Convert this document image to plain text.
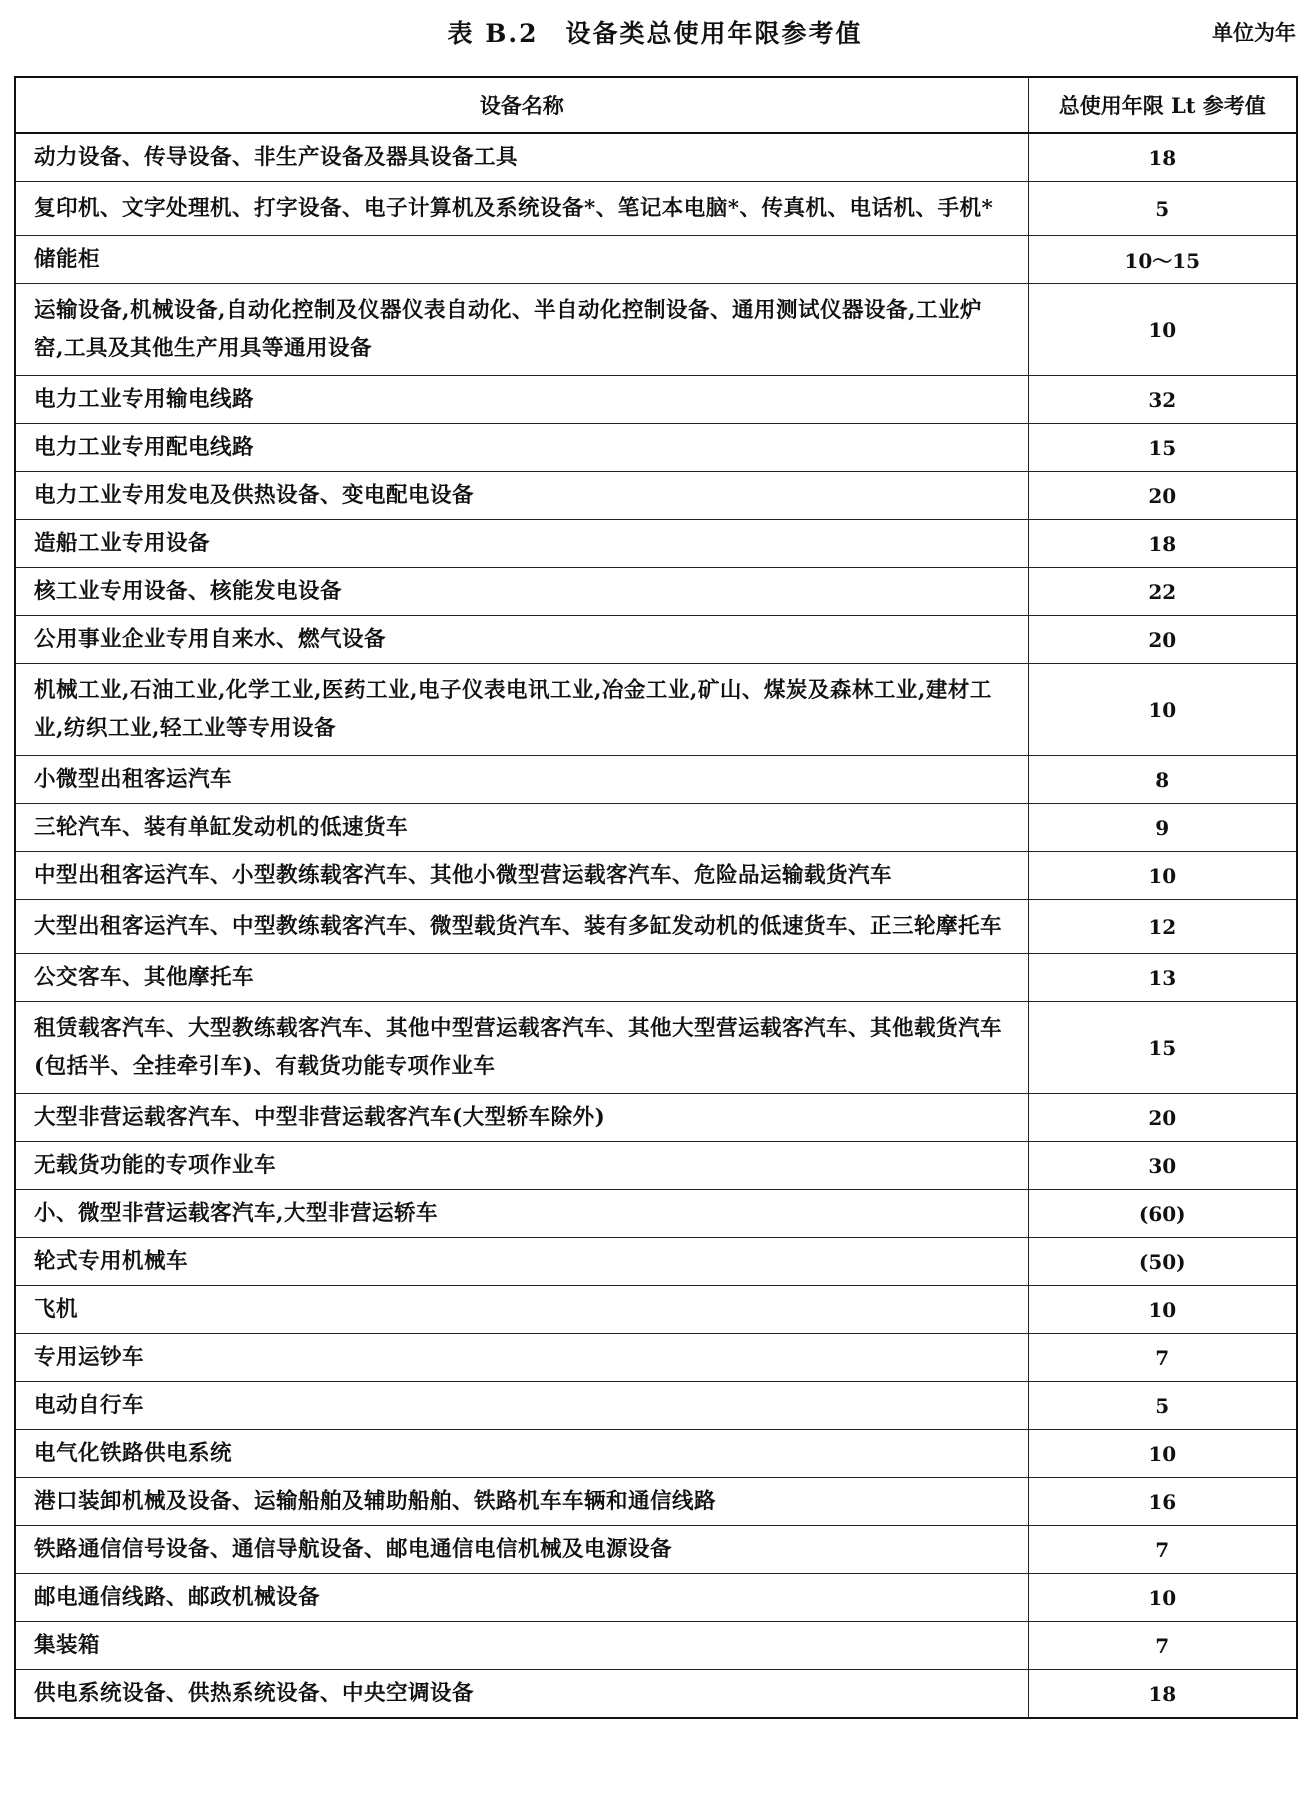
表 B.2　设备类总使用年限参考值	单位为年
设备名称	总使用年限 Lt 参考值
动力设备、传导设备、非生产设备及器具设备工具	18
复印机、文字处理机、打字设备、电子计算机及系统设备*、笔记本电脑*、传真机、电话机、手机*	5
储能柜	10～15
运输设备,机械设备,自动化控制及仪器仪表自动化、半自动化控制设备、通用测试仪器设备,工业炉窑,工具及其他生产用具等通用设备	10
电力工业专用输电线路	32
电力工业专用配电线路	15
电力工业专用发电及供热设备、变电配电设备	20
造船工业专用设备	18
核工业专用设备、核能发电设备	22
公用事业企业专用自来水、燃气设备	20
机械工业,石油工业,化学工业,医药工业,电子仪表电讯工业,冶金工业,矿山、煤炭及森林工业,建材工业,纺织工业,轻工业等专用设备	10
小微型出租客运汽车	8
三轮汽车、装有单缸发动机的低速货车	9
中型出租客运汽车、小型教练载客汽车、其他小微型营运载客汽车、危险品运输载货汽车	10
大型出租客运汽车、中型教练载客汽车、微型载货汽车、装有多缸发动机的低速货车、正三轮摩托车	12
公交客车、其他摩托车	13
租赁载客汽车、大型教练载客汽车、其他中型营运载客汽车、其他大型营运载客汽车、其他载货汽车(包括半、全挂牵引车)、有载货功能专项作业车	15
大型非营运载客汽车、中型非营运载客汽车(大型轿车除外)	20
无载货功能的专项作业车	30
小、微型非营运载客汽车,大型非营运轿车	(60)
轮式专用机械车	(50)
飞机	10
专用运钞车	7
电动自行车	5
电气化铁路供电系统	10
港口装卸机械及设备、运输船舶及辅助船舶、铁路机车车辆和通信线路	16
铁路通信信号设备、通信导航设备、邮电通信电信机械及电源设备	7
邮电通信线路、邮政机械设备	10
集装箱	7
供电系统设备、供热系统设备、中央空调设备	18
